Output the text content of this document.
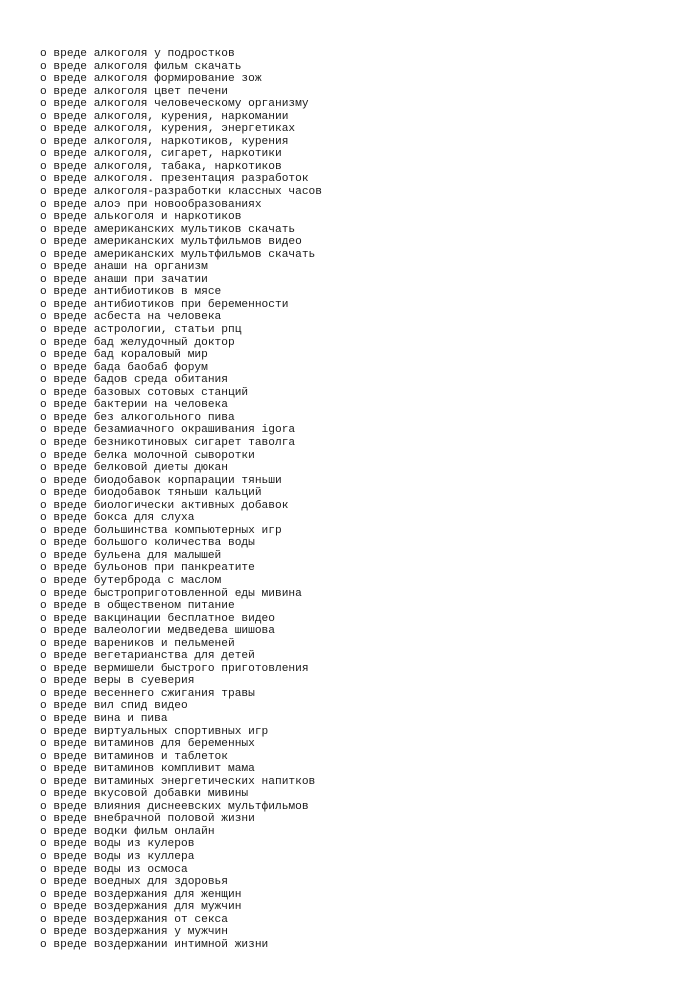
o вреде алкоголя у подростков
o вреде алкоголя фильм скачать
o вреде алкоголя формирование зож
o вреде алкоголя цвет печени
o вреде алкоголя человеческому организму
o вреде алкоголя, курения, наркомании
o вреде алкоголя, курения, энергетиках
o вреде алкоголя, наркотиков, курения
o вреде алкоголя, сигарет, наркотики
o вреде алкоголя, табака, наркотиков
o вреде алкоголя. презентация разработок
o вреде алкоголя-разработки классных часов
o вреде алоэ при новообразованиях
o вреде алькоголя и наркотиков
o вреде американских мультиков скачать
o вреде американских мультфильмов видео
o вреде американских мультфильмов скачать
o вреде анаши на организм
o вреде анаши при зачатии
o вреде антибиотиков в мясе
o вреде антибиотиков при беременности
o вреде асбеста на человека
o вреде астрологии, статьи рпц
o вреде бад желудочный доктор
o вреде бад кораловый мир
o вреде бада баобаб форум
o вреде бадов среда обитания
o вреде базовых сотовых станций
o вреде бактерии на человека
o вреде без алкогольного пива
o вреде безамиачного окрашивания igora
o вреде безникотиновых сигарет таволга
o вреде белка молочной сыворотки
o вреде белковой диеты дюкан
o вреде биодобавок корпарации тяньши
o вреде биодобавок тяньши кальций
o вреде биологически активных добавок
o вреде бокса для слуха
o вреде большинства компьютерных игр
o вреде большого количества воды
o вреде бульена для малышей
o вреде бульонов при панкреатите
o вреде бутерброда с маслом
o вреде быстроприготовленной еды мивина
o вреде в общественом питание
o вреде вакцинации бесплатное видео
o вреде валеологии медведева шишова
o вреде вареников и пельменей
o вреде вегетарианства для детей
o вреде вермишели быстрого приготовления
o вреде веры в суеверия
o вреде весеннего сжигания травы
o вреде вил спид видео
o вреде вина и пива
o вреде виртуальных спортивных игр
o вреде витаминов для беременных
o вреде витаминов и таблеток
o вреде витаминов компливит мама
o вреде витаминых энергетических напитков
o вреде вкусовой добавки мивины
o вреде влияния диснеевских мультфильмов
o вреде внебрачной половой жизни
o вреде водки фильм онлайн
o вреде воды из кулеров
o вреде воды из куллера
o вреде воды из осмоса
o вреде воедных для здоровья
o вреде воздержания для женщин
o вреде воздержания для мужчин
o вреде воздержания от секса
o вреде воздержания у мужчин
o вреде воздержании интимной жизни
